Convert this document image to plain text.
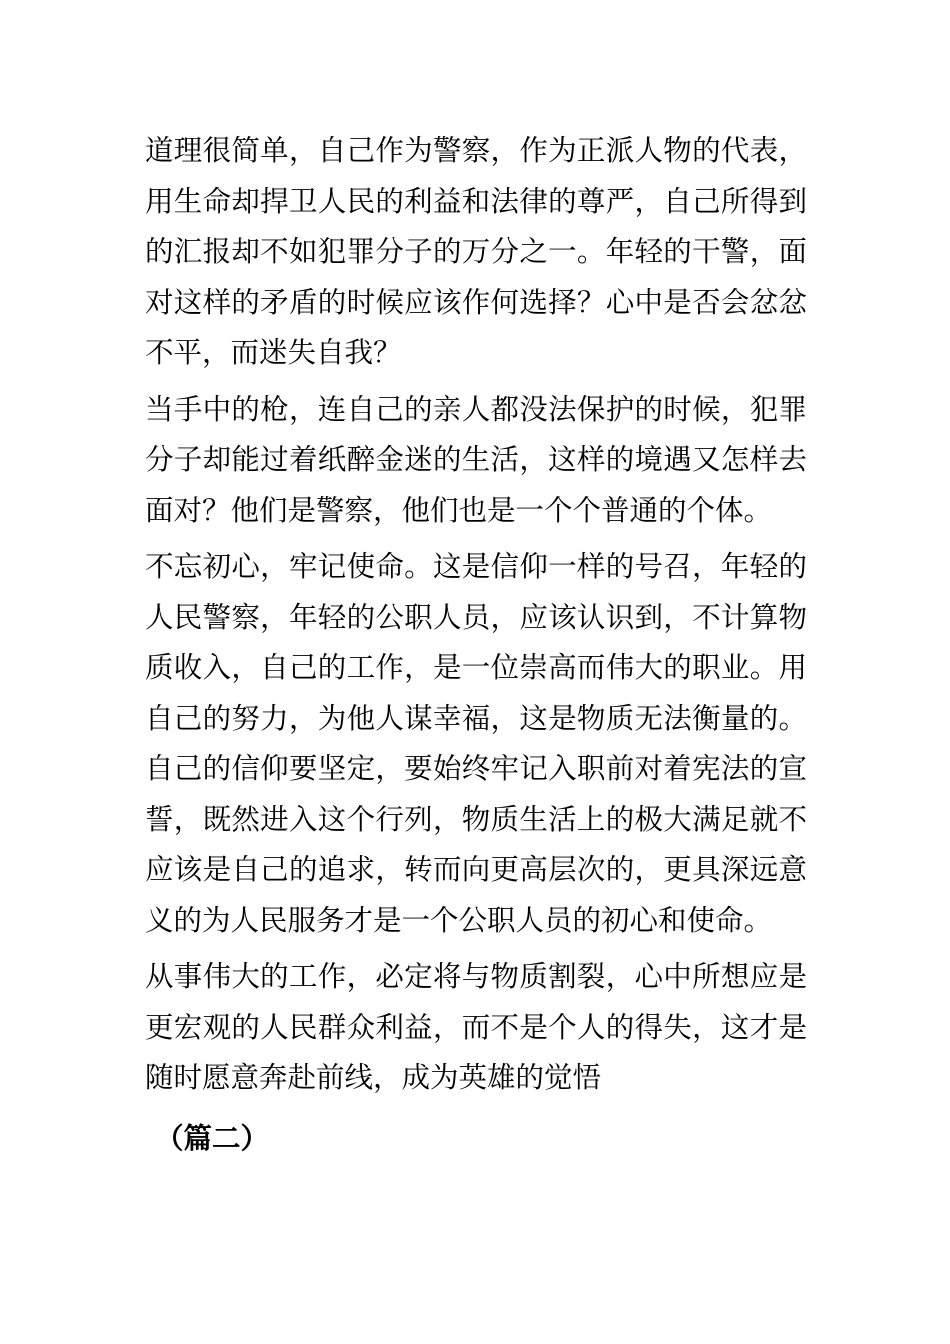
道理很简单，自己作为警察，作为正派人物的代表，用生命却捍卫人民的利益和法律的尊严，自己所得到的汇报却不如犯罪分子的万分之一。年轻的干警，面对这样的矛盾的时候应该作何选择？心中是否会忿忿不平，而迷失自我？

当手中的枪，连自己的亲人都没法保护的时候，犯罪分子却能过着纸醉金迷的生活，这样的境遇又怎样去面对？他们是警察，他们也是一个个普通的个体。

不忘初心，牢记使命。这是信仰一样的号召，年轻的人民警察，年轻的公职人员，应该认识到，不计算物质收入，自己的工作，是一位崇高而伟大的职业。用自己的努力，为他人谋幸福，这是物质无法衡量的。自己的信仰要坚定，要始终牢记入职前对着宪法的宣誓，既然进入这个行列，物质生活上的极大满足就不应该是自己的追求，转而向更高层次的，更具深远意义的为人民服务才是一个公职人员的初心和使命。

从事伟大的工作，必定将与物质割裂，心中所想应是更宏观的人民群众利益，而不是个人的得失，这才是随时愿意奔赴前线，成为英雄的觉悟

（篇二）
